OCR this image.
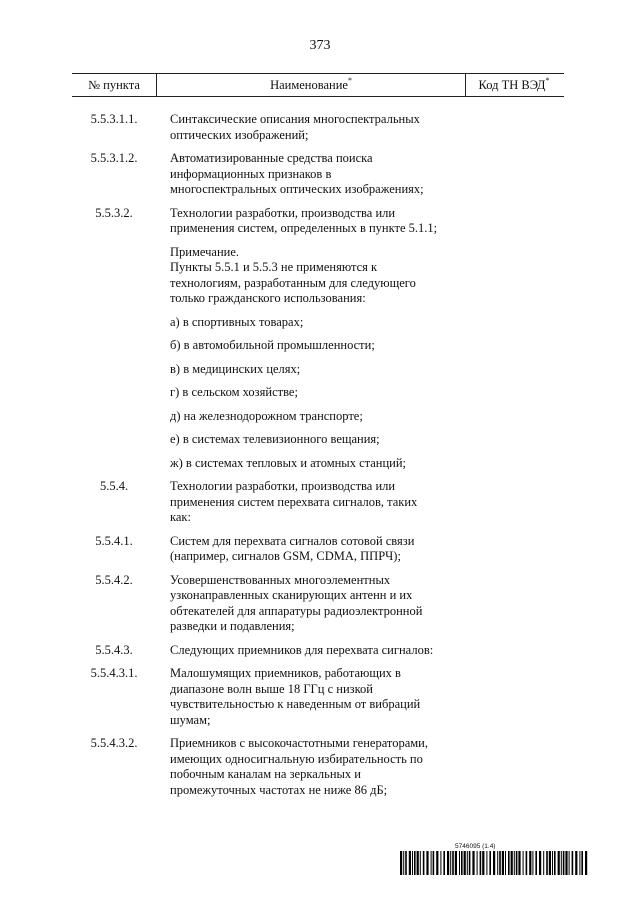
373
№ пункта	Наименование*	Код ТН ВЭД*
5.5.3.1.1.	Синтаксические описания многоспектральных оптических изображений;
5.5.3.1.2.	Автоматизированные средства поиска информационных признаков в многоспектральных оптических изображениях;
5.5.3.2.	Технологии разработки, производства или применения систем, определенных в пункте 5.1.1;
Примечание.
Пункты 5.5.1 и 5.5.3 не применяются к технологиям, разработанным для следующего только гражданского использования:
а) в спортивных товарах;
б) в автомобильной промышленности;
в) в медицинских целях;
г) в сельском хозяйстве;
д) на железнодорожном транспорте;
е) в системах телевизионного вещания;
ж) в системах тепловых и атомных станций;
5.5.4.	Технологии разработки, производства или применения систем перехвата сигналов, таких как:
5.5.4.1.	Систем для перехвата сигналов сотовой связи (например, сигналов GSM, CDMA, ППРЧ);
5.5.4.2.	Усовершенствованных многоэлементных узконаправленных сканирующих антенн и их обтекателей для аппаратуры радиоэлектронной разведки и подавления;
5.5.4.3.	Следующих приемников для перехвата сигналов:
5.5.4.3.1.	Малошумящих приемников, работающих в диапазоне волн выше 18 ГГц с низкой чувствительностью к наведенным от вибраций шумам;
5.5.4.3.2.	Приемников с высокочастотными генераторами, имеющих односигнальную избирательность по побочным каналам на зеркальных и промежуточных частотах не ниже 86 дБ;
5746095 (1.4)
